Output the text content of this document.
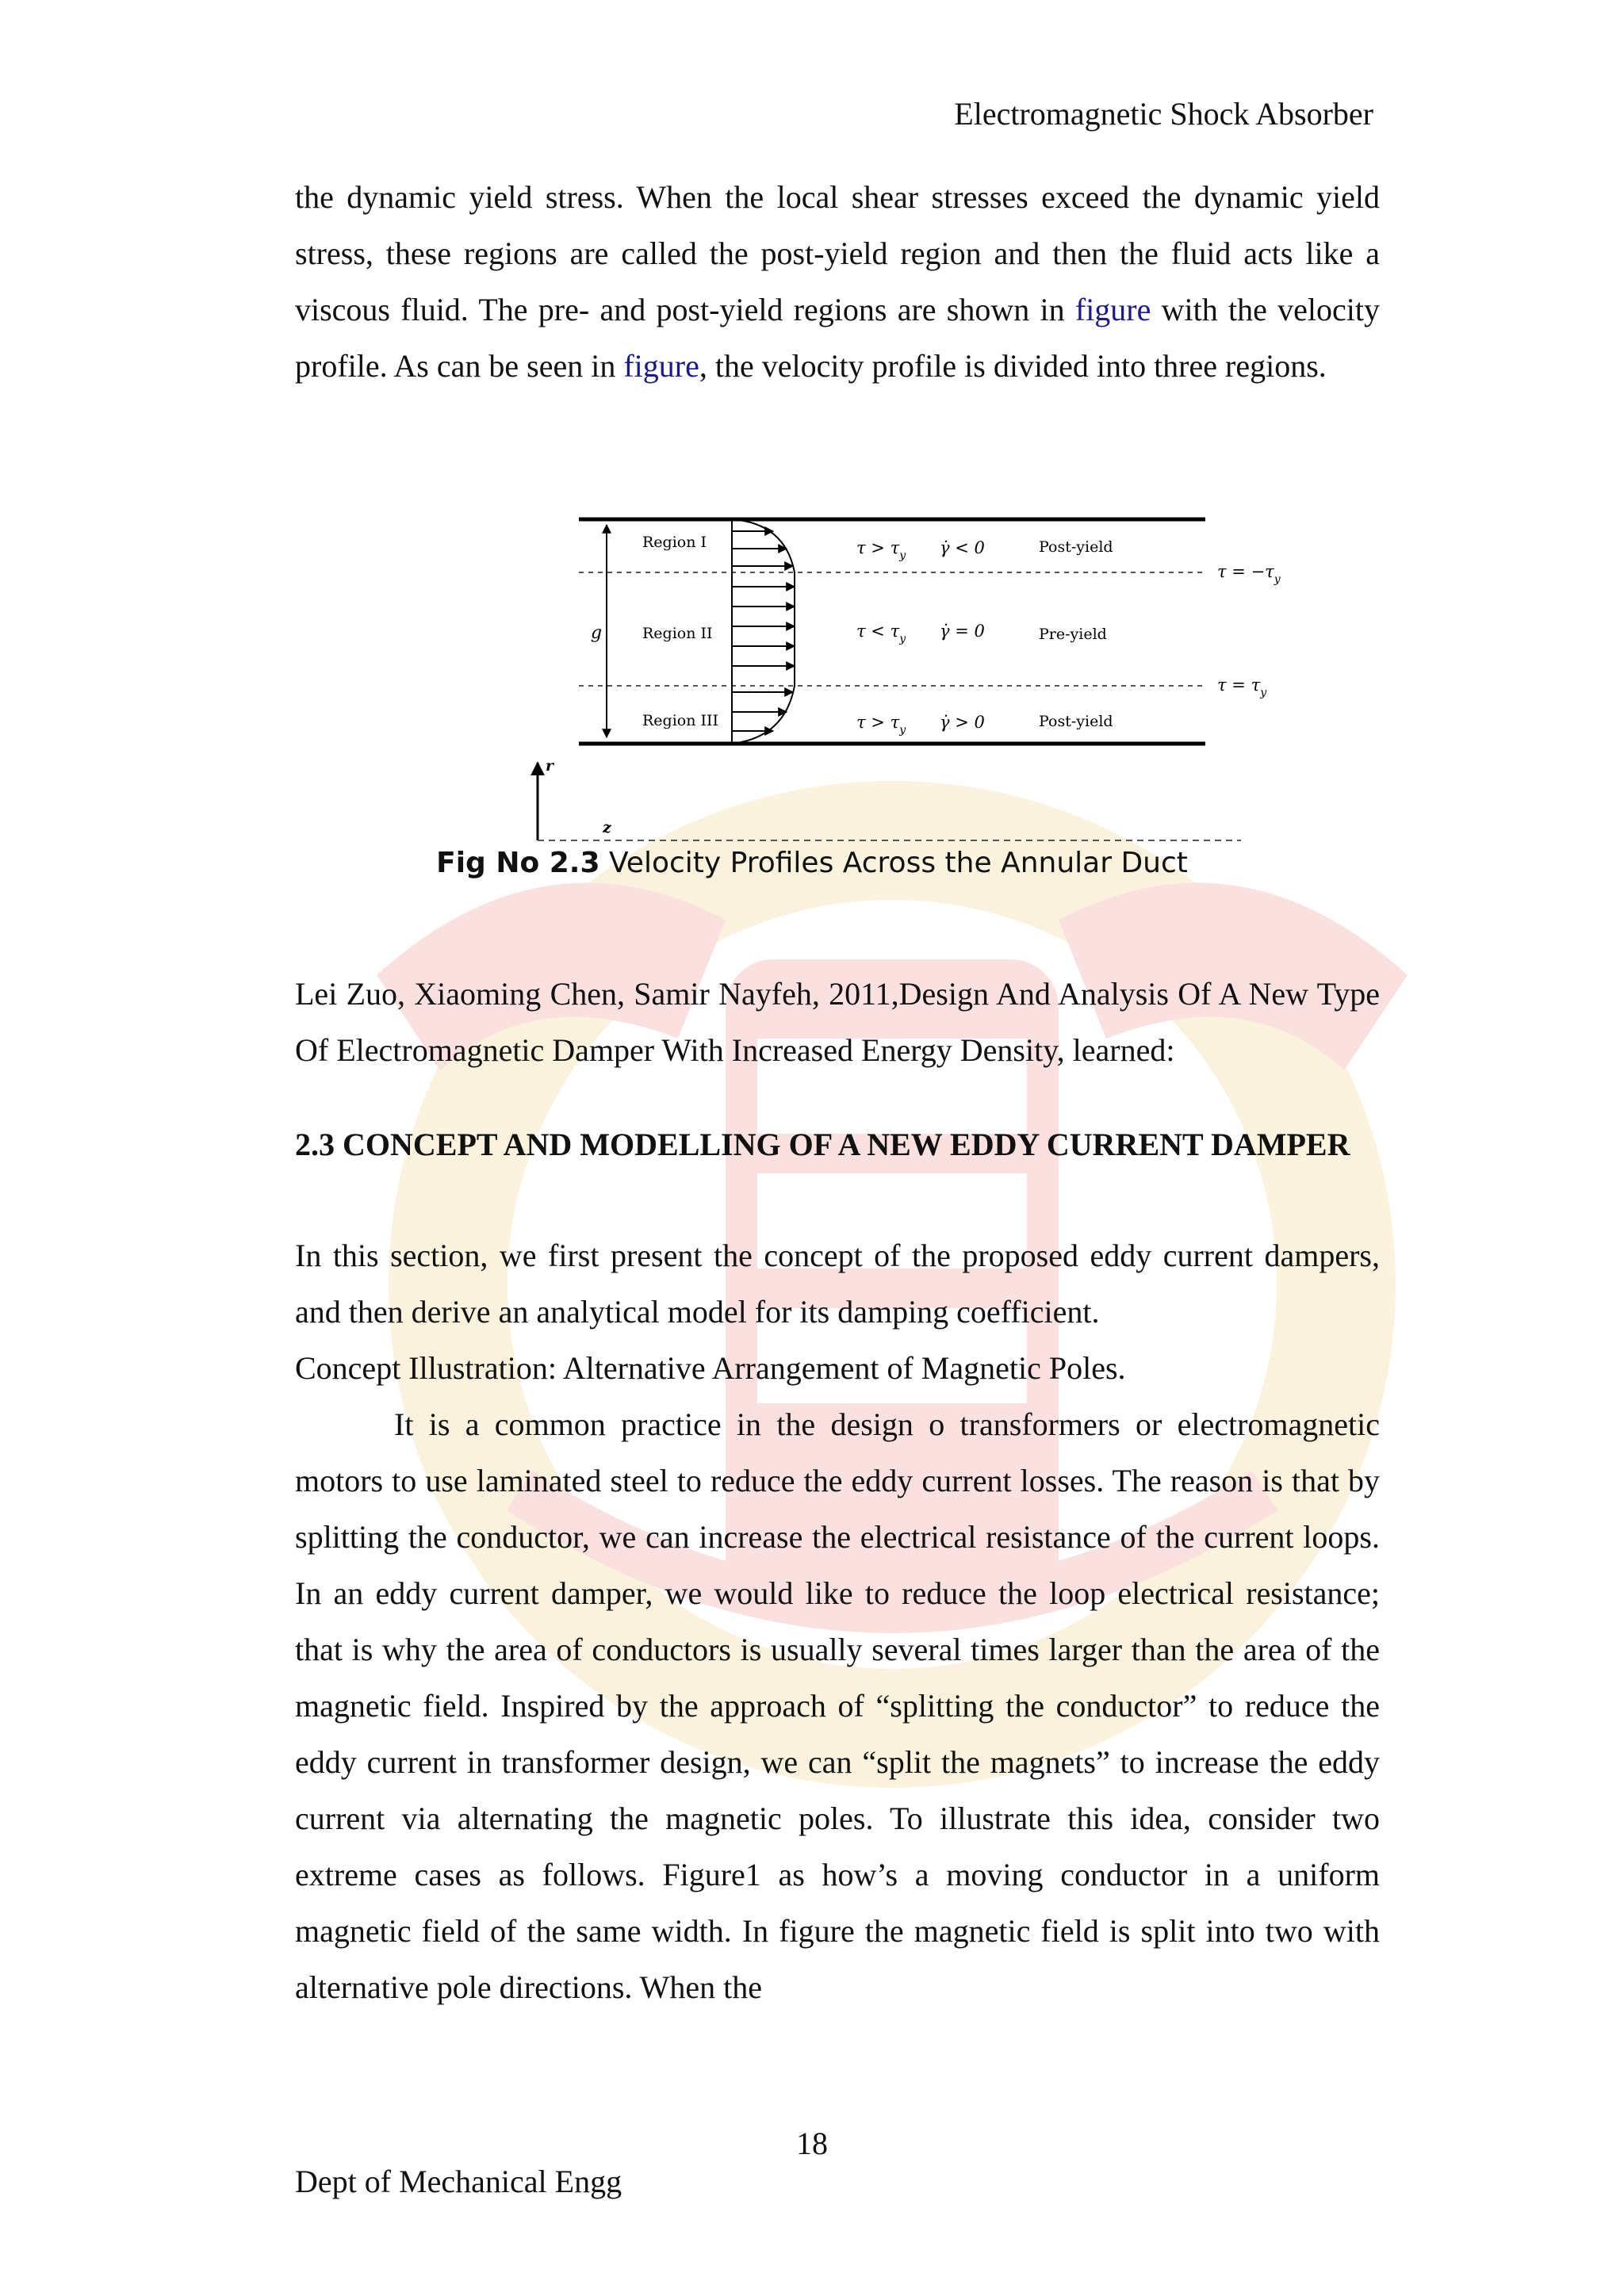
Electromagnetic Shock Absorber

the dynamic yield stress. When the local shear stresses exceed the dynamic yield stress, these regions are called the post-yield region and then the fluid acts like a viscous fluid. The pre- and post-yield regions are shown in figure with the velocity profile. As can be seen in figure, the velocity profile is divided into three regions.

g
Region I
Region II
Region III
$\tau > \tau_y$ γ̇ < 0
$\tau < \tau_y$ γ̇ = 0
$\tau > \tau_y$ γ̇ > 0
Post-yield
Pre-yield
Post-yield
$\tau = -\tau_y$
$\tau = \tau_y$
r
z
Fig No 2.3 Velocity Profiles Across the Annular Duct

Lei Zuo, Xiaoming Chen, Samir Nayfeh, 2011,Design And Analysis Of A New Type Of Electromagnetic Damper With Increased Energy Density, learned:

2.3 CONCEPT AND MODELLING OF A NEW EDDY CURRENT DAMPER

In this section, we first present the concept of the proposed eddy current dampers, and then derive an analytical model for its damping coefficient.

Concept Illustration: Alternative Arrangement of Magnetic Poles.

It is a common practice in the design o transformers or electromagnetic motors to use laminated steel to reduce the eddy current losses. The reason is that by splitting the conductor, we can increase the electrical resistance of the current loops. In an eddy current damper, we would like to reduce the loop electrical resistance; that is why the area of conductors is usually several times larger than the area of the magnetic field. Inspired by the approach of “splitting the conductor” to reduce the eddy current in transformer design, we can “split the magnets” to increase the eddy current via alternating the magnetic poles. To illustrate this idea, consider two extreme cases as follows. Figure1 as how’s a moving conductor in a uniform magnetic field of the same width. In figure the magnetic field is split into two with alternative pole directions. When the

18
Dept of Mechanical Engg
